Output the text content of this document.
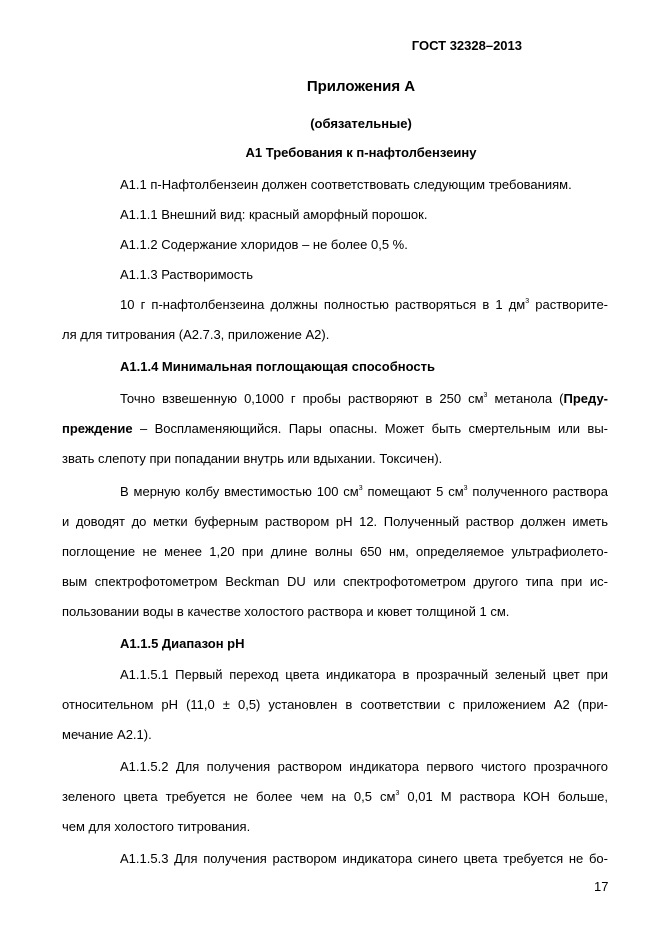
ГОСТ 32328–2013
Приложения А
(обязательные)
А1 Требования к п-нафтолбензеину
А1.1 п-Нафтолбензеин должен соответствовать следующим требованиям.
А1.1.1 Внешний вид: красный аморфный порошок.
А1.1.2 Содержание хлоридов – не более 0,5 %.
А1.1.3 Растворимость
10 г п-нафтолбензеина должны полностью растворяться в 1 $дм^3$ растворите-
ля для титрования (А2.7.3, приложение А2).
А1.1.4 Минимальная поглощающая способность
Точно взвешенную 0,1000 г пробы растворяют в 250 $см^3$ метанола (Преду-
преждение – Воспламеняющийся. Пары опасны. Может быть смертельным или вы-
звать слепоту при попадании внутрь или вдыхании. Токсичен).
В мерную колбу вместимостью 100 $см^3$ помещают 5 $см^3$ полученного раствора
и доводят до метки буферным раствором рН 12. Полученный раствор должен иметь
поглощение не менее 1,20 при длине волны 650 нм, определяемое ультрафиолето-
вым спектрофотометром Beckman DU или спектрофотометром другого типа при ис-
пользовании воды в качестве холостого раствора и кювет толщиной 1 см.
А1.1.5 Диапазон рН
А1.1.5.1 Первый переход цвета индикатора в прозрачный зеленый цвет при
относительном рН (11,0 ± 0,5) установлен в соответствии с приложением А2 (при-
мечание А2.1).
А1.1.5.2 Для получения раствором индикатора первого чистого прозрачного
зеленого цвета требуется не более чем на 0,5 $см^3$ 0,01 М раствора КОН больше,
чем для холостого титрования.
А1.1.5.3 Для получения раствором индикатора синего цвета требуется не бо-
17
